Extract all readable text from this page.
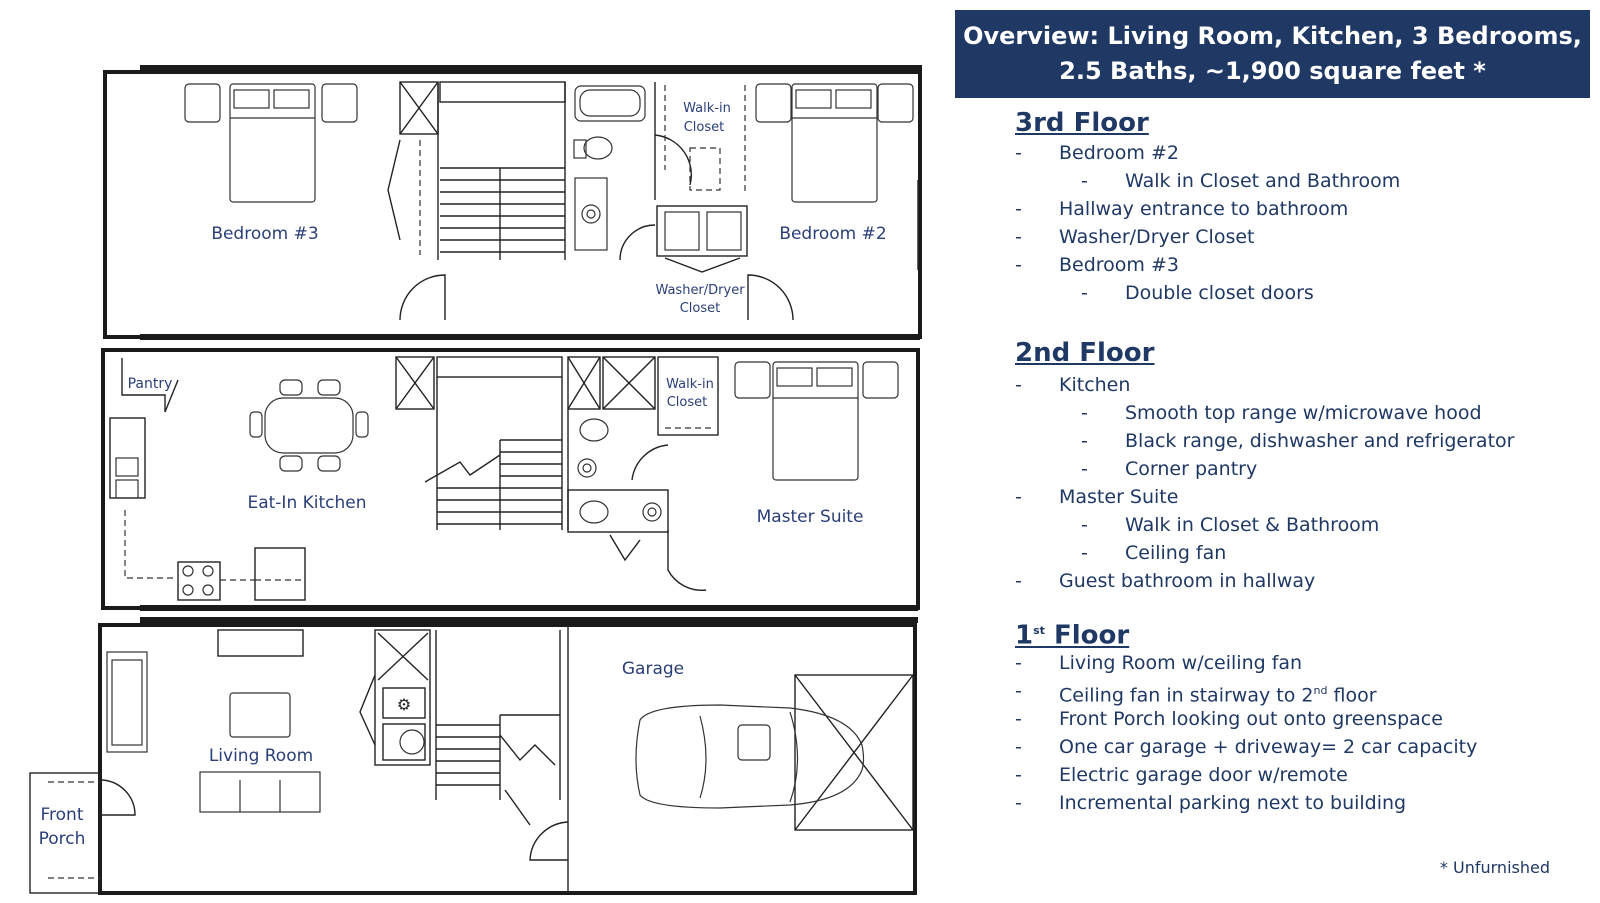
Bedroom #3	Bedroom #2
Walk-in
Closet
Washer/Dryer
Closet
Pantry
Eat-In Kitchen
Walk-in
Closet
Master Suite
⚙
Garage
Living Room
Front
Porch
Overview: Living Room, Kitchen, 3 Bedrooms,
2.5 Baths, ~1,900 square feet *
3rd Floor
- Bedroom #2
- Walk in Closet and Bathroom
- Hallway entrance to bathroom
- Washer/Dryer Closet
- Bedroom #3
- Double closet doors
2nd Floor
- Kitchen
- Smooth top range w/microwave hood
- Black range, dishwasher and refrigerator
- Corner pantry
- Master Suite
- Walk in Closet & Bathroom
- Ceiling fan
- Guest bathroom in hallway
1st Floor
- Living Room w/ceiling fan
- Ceiling fan in stairway to 2nd floor
- Front Porch looking out onto greenspace
- One car garage + driveway= 2 car capacity
- Electric garage door w/remote
- Incremental parking next to building
* Unfurnished
